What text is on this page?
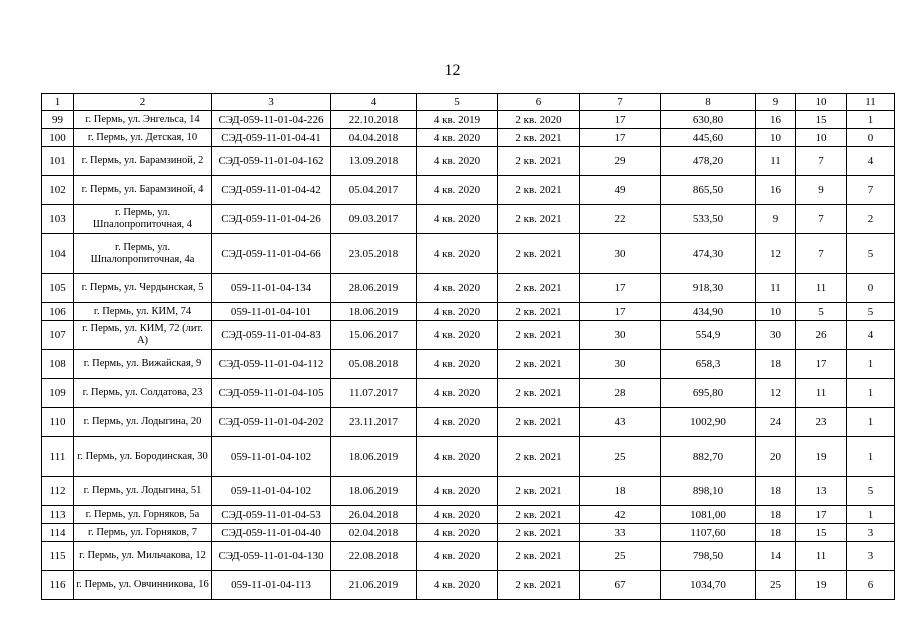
12
1	2	3	4	5	6	7	8	9	10	11
99	г. Пермь, ул. Энгельса, 14	СЭД-059-11-01-04-226	22.10.2018	4 кв. 2019	2 кв. 2020	17	630,80	16	15	1
100	г. Пермь, ул. Детская, 10	СЭД-059-11-01-04-41	04.04.2018	4 кв. 2020	2 кв. 2021	17	445,60	10	10	0
101	г. Пермь, ул. Барамзиной, 2	СЭД-059-11-01-04-162	13.09.2018	4 кв. 2020	2 кв. 2021	29	478,20	11	7	4
102	г. Пермь, ул. Барамзиной, 4	СЭД-059-11-01-04-42	05.04.2017	4 кв. 2020	2 кв. 2021	49	865,50	16	9	7
103	г. Пермь, ул. Шпалопропиточная, 4	СЭД-059-11-01-04-26	09.03.2017	4 кв. 2020	2 кв. 2021	22	533,50	9	7	2
104	г. Пермь, ул. Шпалопропиточная, 4а	СЭД-059-11-01-04-66	23.05.2018	4 кв. 2020	2 кв. 2021	30	474,30	12	7	5
105	г. Пермь, ул. Чердынская, 5	059-11-01-04-134	28.06.2019	4 кв. 2020	2 кв. 2021	17	918,30	11	11	0
106	г. Пермь, ул. КИМ, 74	059-11-01-04-101	18.06.2019	4 кв. 2020	2 кв. 2021	17	434,90	10	5	5
107	г. Пермь, ул. КИМ, 72 (лит. А)	СЭД-059-11-01-04-83	15.06.2017	4 кв. 2020	2 кв. 2021	30	554,9	30	26	4
108	г. Пермь, ул. Вижайская, 9	СЭД-059-11-01-04-112	05.08.2018	4 кв. 2020	2 кв. 2021	30	658,3	18	17	1
109	г. Пермь, ул. Солдатова, 23	СЭД-059-11-01-04-105	11.07.2017	4 кв. 2020	2 кв. 2021	28	695,80	12	11	1
110	г. Пермь, ул. Лодыгина, 20	СЭД-059-11-01-04-202	23.11.2017	4 кв. 2020	2 кв. 2021	43	1002,90	24	23	1
111	г. Пермь, ул. Бородинская, 30	059-11-01-04-102	18.06.2019	4 кв. 2020	2 кв. 2021	25	882,70	20	19	1
112	г. Пермь, ул. Лодыгина, 51	059-11-01-04-102	18.06.2019	4 кв. 2020	2 кв. 2021	18	898,10	18	13	5
113	г. Пермь, ул. Горняков, 5а	СЭД-059-11-01-04-53	26.04.2018	4 кв. 2020	2 кв. 2021	42	1081,00	18	17	1
114	г. Пермь, ул. Горняков, 7	СЭД-059-11-01-04-40	02.04.2018	4 кв. 2020	2 кв. 2021	33	1107,60	18	15	3
115	г. Пермь, ул. Мильчакова, 12	СЭД-059-11-01-04-130	22.08.2018	4 кв. 2020	2 кв. 2021	25	798,50	14	11	3
116	г. Пермь, ул. Овчинникова, 16	059-11-01-04-113	21.06.2019	4 кв. 2020	2 кв. 2021	67	1034,70	25	19	6
